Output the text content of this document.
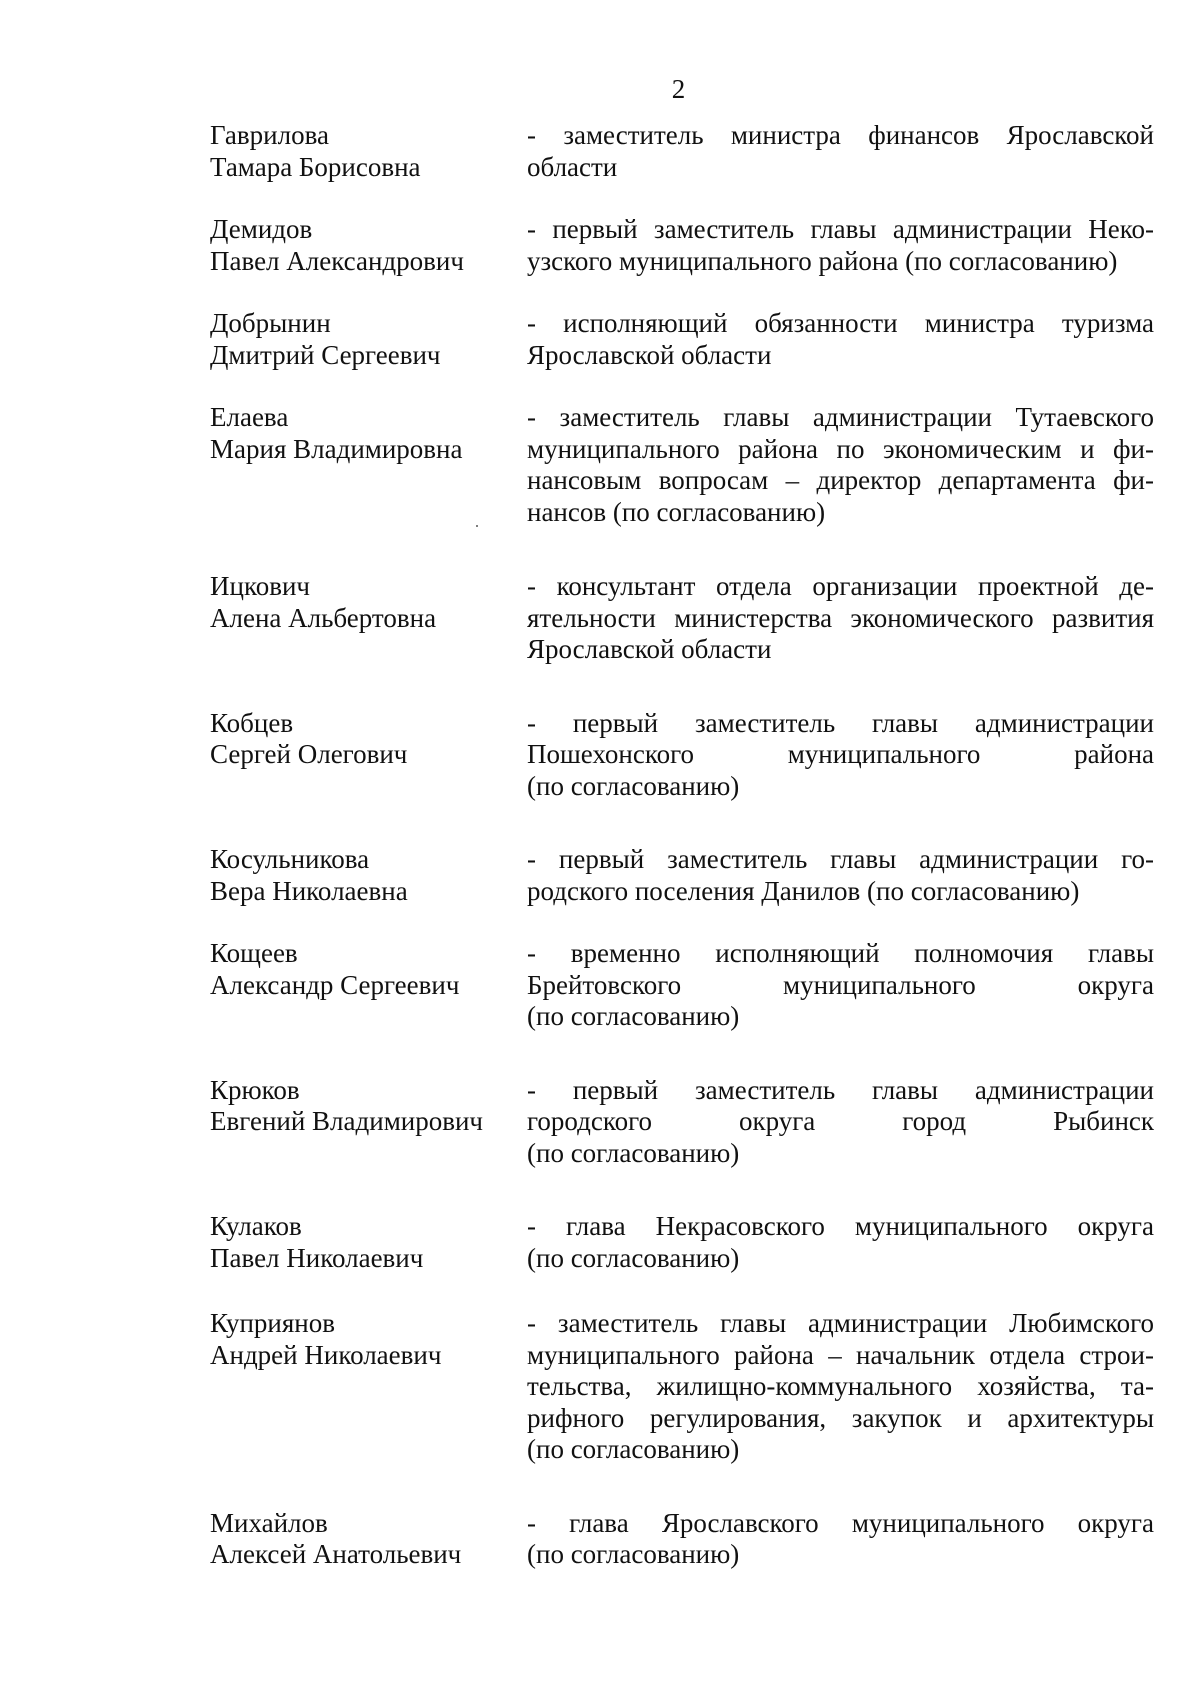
2
Гаврилова
Тамара Борисовна
- заместитель министра финансов Ярославской
области
Демидов
Павел Александрович
- первый заместитель главы администрации Неко-
узского муниципального района (по согласованию)
Добрынин
Дмитрий Сергеевич
- исполняющий обязанности министра туризма
Ярославской области
Елаева
Мария Владимировна
- заместитель главы администрации Тутаевского
муниципального района по экономическим и фи-
нансовым вопросам – директор департамента фи-
нансов (по согласованию)
Ицкович
Алена Альбертовна
- консультант отдела организации проектной де-
ятельности министерства экономического развития
Ярославской области
Кобцев
Сергей Олегович
- первый заместитель главы администрации
Пошехонского муниципального района
(по согласованию)
Косульникова
Вера Николаевна
- первый заместитель главы администрации го-
родского поселения Данилов (по согласованию)
Кощеев
Александр Сергеевич
- временно исполняющий полномочия главы
Брейтовского муниципального округа
(по согласованию)
Крюков
Евгений Владимирович
- первый заместитель главы администрации
городского округа город Рыбинск
(по согласованию)
Кулаков
Павел Николаевич
- глава Некрасовского муниципального округа
(по согласованию)
Куприянов
Андрей Николаевич
- заместитель главы администрации Любимского
муниципального района – начальник отдела строи-
тельства, жилищно-коммунального хозяйства, та-
рифного регулирования, закупок и архитектуры
(по согласованию)
Михайлов
Алексей Анатольевич
- глава Ярославского муниципального округа
(по согласованию)
